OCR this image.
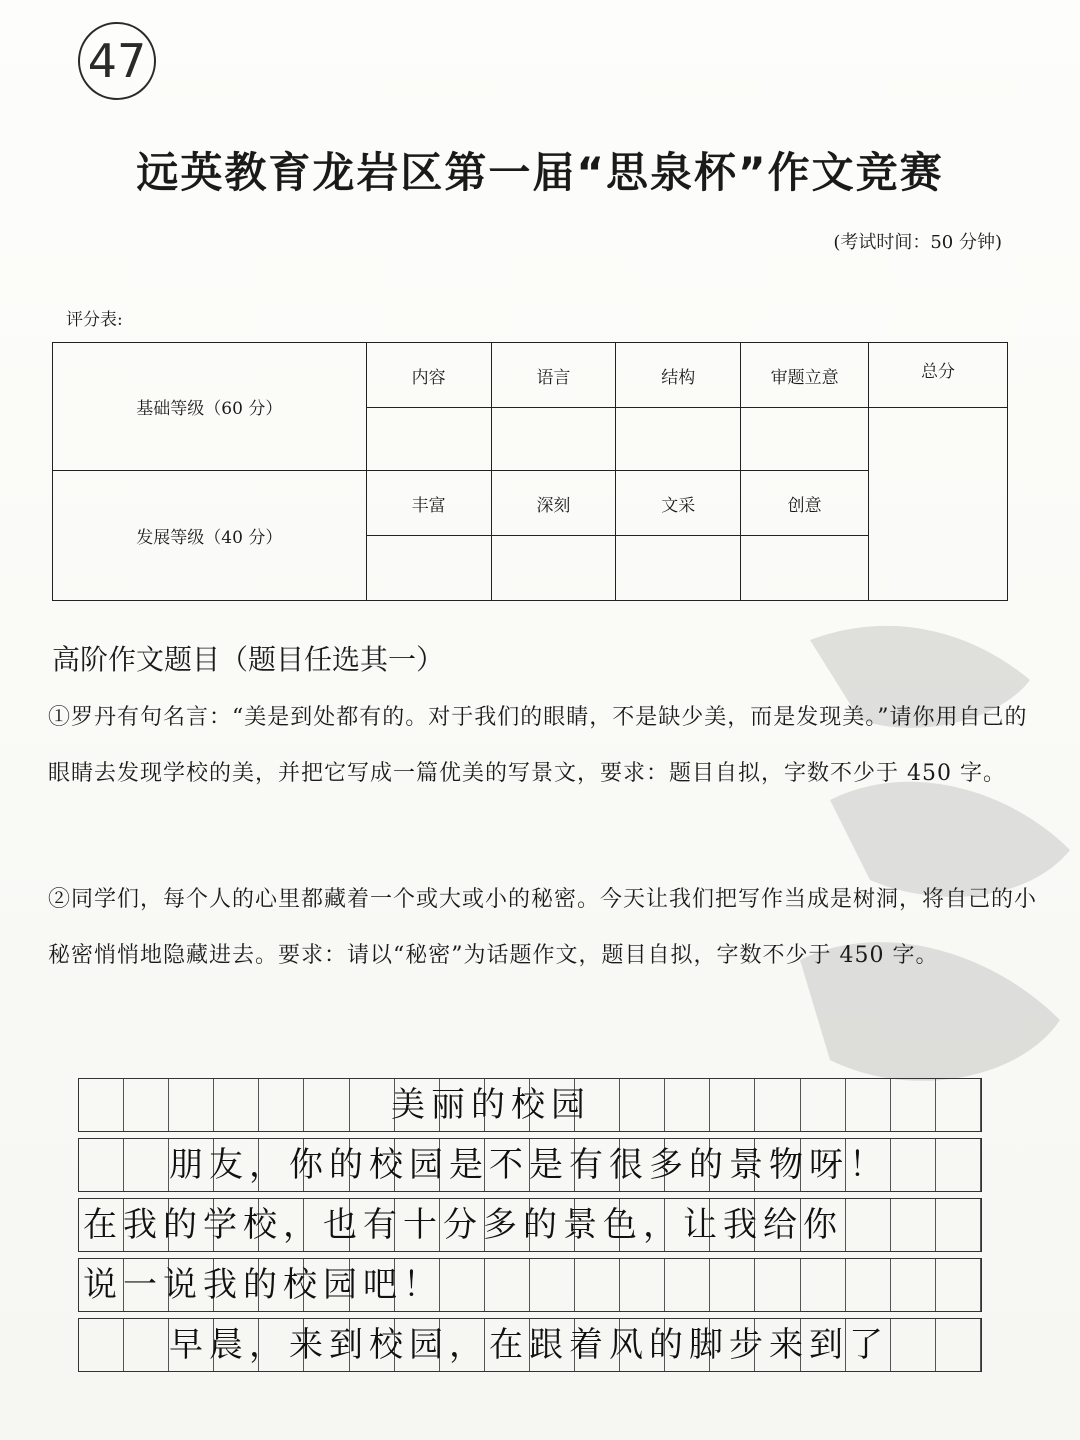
47
远英教育龙岩区第一届“思泉杯”作文竞赛
(考试时间：50 分钟)
评分表:
基础等级（60 分）	内容	语言	结构	审题立意	总分

发展等级（40 分）	丰富	深刻	文采	创意	

高阶作文题目（题目任选其一）
①罗丹有句名言：“美是到处都有的。对于我们的眼睛，不是缺少美，而是发现美。”请你用自己的眼睛去发现学校的美，并把它写成一篇优美的写景文，要求：题目自拟，字数不少于 450 字。
②同学们，每个人的心里都藏着一个或大或小的秘密。今天让我们把写作当成是树洞，将自己的小秘密悄悄地隐藏进去。要求：请以“秘密”为话题作文，题目自拟，字数不少于 450 字。
美丽的校园
朋友，你的校园是不是有很多的景物呀！
在我的学校，也有十分多的景色，让我给你
说一说我的校园吧！
早晨，来到校园，在跟着风的脚步来到了
